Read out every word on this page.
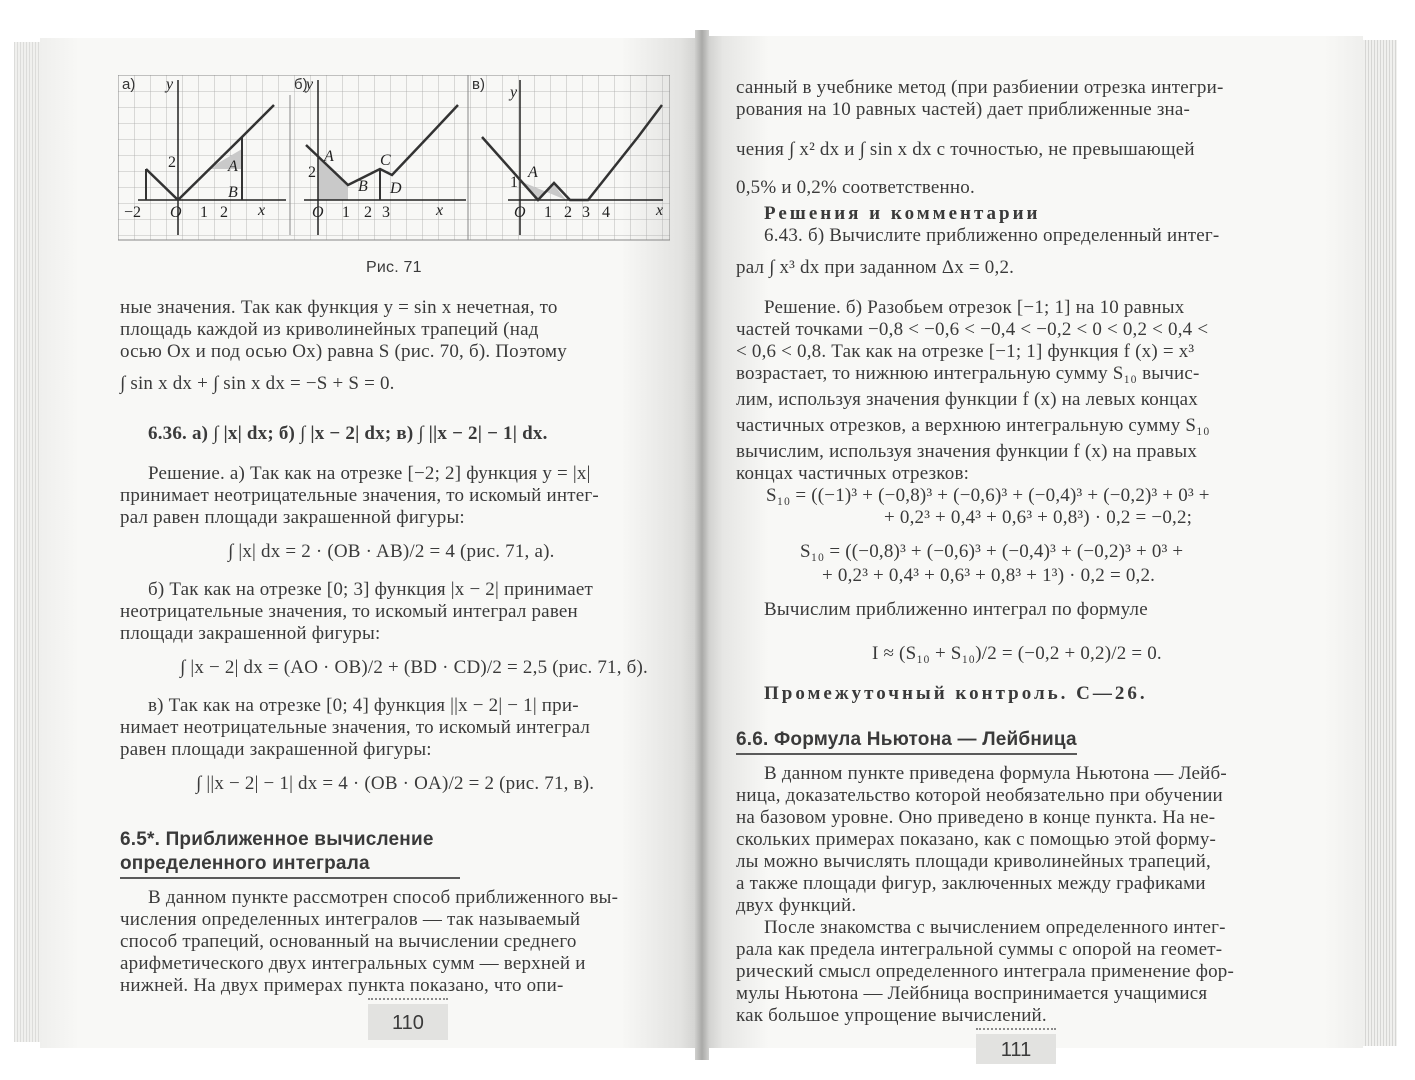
а) y
x
−2 O 1 2
2	A
B
б)
y
x
O 1 2 3
2
A
B
C
D
в) y
x
O 1 2 3 4
1
A
Рис. 71
ные значения. Так как функция y = sin x нечетная, то
площадь каждой из криволинейных трапеций (над
осью Ox и под осью Ox) равна S (рис. 70, б). Поэтому
∫ sin x dx + ∫ sin x dx = −S + S = 0.
6.36. а) ∫ |x| dx; б) ∫ |x − 2| dx; в) ∫ ||x − 2| − 1| dx.
Решение. а) Так как на отрезке [−2; 2] функция y = |x|
принимает неотрицательные значения, то искомый интег-
рал равен площади закрашенной фигуры:
∫ |x| dx = 2 · (OB · AB)/2 = 4 (рис. 71, а).
б) Так как на отрезке [0; 3] функция |x − 2| принимает
неотрицательные значения, то искомый интеграл равен
площади закрашенной фигуры:
∫ |x − 2| dx = (AO · OB)/2 + (BD · CD)/2 = 2,5 (рис. 71, б).
в) Так как на отрезке [0; 4] функция ||x − 2| − 1| при-
нимает неотрицательные значения, то искомый интеграл
равен площади закрашенной фигуры:
∫ ||x − 2| − 1| dx = 4 · (OB · OA)/2 = 2 (рис. 71, в).
6.5*. Приближенное вычисление
определенного интеграла
В данном пункте рассмотрен способ приближенного вы-
числения определенных интегралов — так называемый
способ трапеций, основанный на вычислении среднего
арифметического двух интегральных сумм — верхней и
нижней. На двух примерах пункта показано, что опи-
110
санный в учебнике метод (при разбиении отрезка интегри-
рования на 10 равных частей) дает приближенные зна-
чения ∫ x² dx и ∫ sin x dx с точностью, не превышающей
0,5% и 0,2% соответственно.
Решения и комментарии
6.43. б) Вычислите приближенно определенный интег-
рал ∫ x³ dx при заданном Δx = 0,2.
Решение. б) Разобьем отрезок [−1; 1] на 10 равных
частей точками −0,8 < −0,6 < −0,4 < −0,2 < 0 < 0,2 < 0,4 <
< 0,6 < 0,8. Так как на отрезке [−1; 1] функция f (x) = x³
возрастает, то нижнюю интегральную сумму S₁₀ вычис-
лим, используя значения функции f (x) на левых концах
частичных отрезков, а верхнюю интегральную сумму S₁₀
вычислим, используя значения функции f (x) на правых
концах частичных отрезков:
S₁₀ = ((−1)³ + (−0,8)³ + (−0,6)³ + (−0,4)³ + (−0,2)³ + 0³ +
+ 0,2³ + 0,4³ + 0,6³ + 0,8³) · 0,2 = −0,2;
S₁₀ = ((−0,8)³ + (−0,6)³ + (−0,4)³ + (−0,2)³ + 0³ +
+ 0,2³ + 0,4³ + 0,6³ + 0,8³ + 1³) · 0,2 = 0,2.
Вычислим приближенно интеграл по формуле
I ≈ (S₁₀ + S₁₀)/2 = (−0,2 + 0,2)/2 = 0.
Промежуточный контроль. С—26.
6.6. Формула Ньютона — Лейбница
В данном пункте приведена формула Ньютона — Лейб-
ница, доказательство которой необязательно при обучении
на базовом уровне. Оно приведено в конце пункта. На не-
скольких примерах показано, как с помощью этой форму-
лы можно вычислять площади криволинейных трапеций,
а также площади фигур, заключенных между графиками
двух функций.
После знакомства с вычислением определенного интег-
рала как предела интегральной суммы с опорой на геомет-
рический смысл определенного интеграла применение фор-
мулы Ньютона — Лейбница воспринимается учащимися
как большое упрощение вычислений.
111
